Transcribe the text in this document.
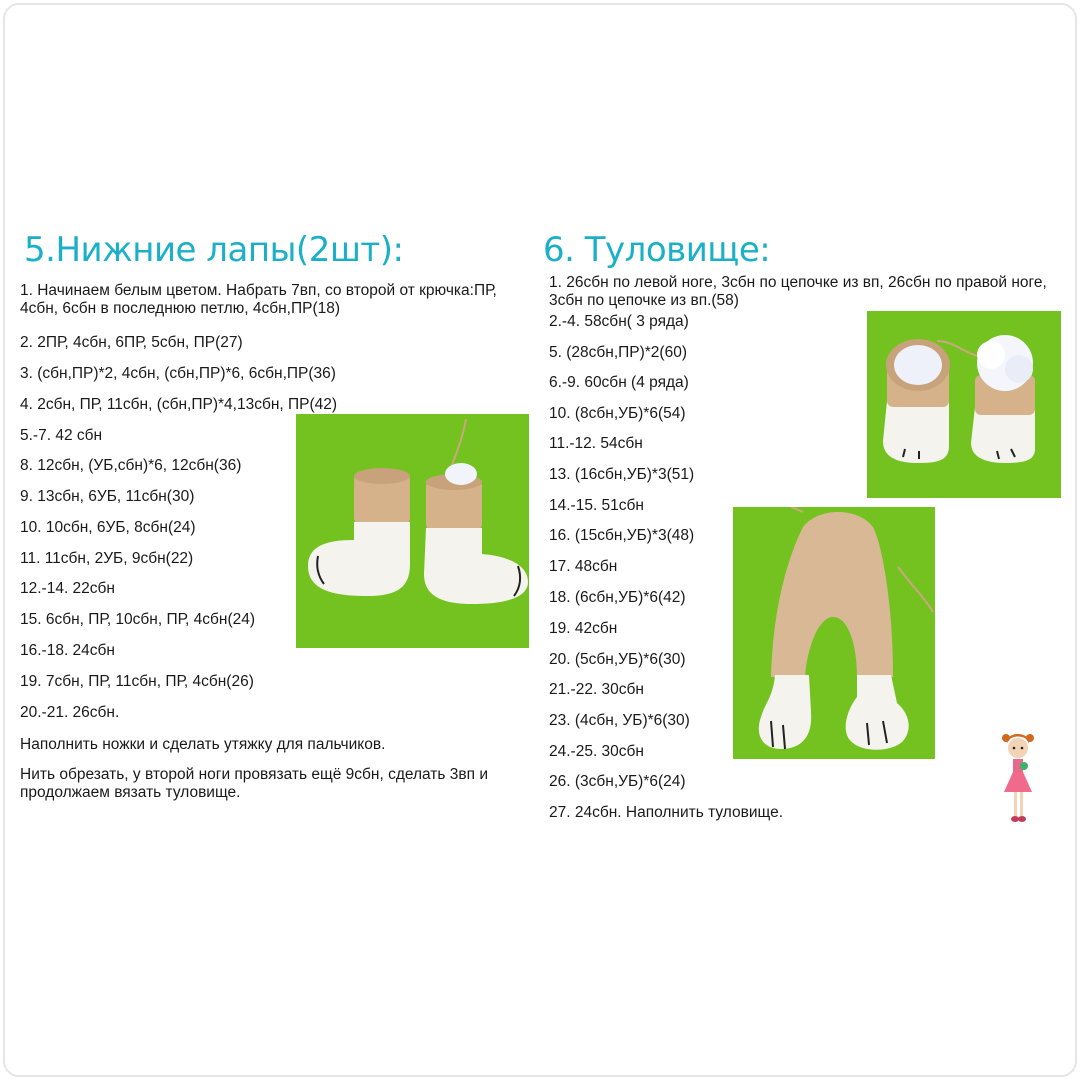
5.Нижние лапы(2шт):
1. Начинаем белым цветом. Набрать 7вп, со второй от крючка:ПР, 4сбн, 6сбн в последнюю петлю, 4сбн,ПР(18)
2. 2ПР, 4сбн, 6ПР, 5сбн, ПР(27)
3. (сбн,ПР)*2, 4сбн, (сбн,ПР)*6, 6сбн,ПР(36)
4. 2сбн, ПР, 11сбн, (сбн,ПР)*4,13сбн, ПР(42)
5.-7. 42 сбн
8. 12сбн, (УБ,сбн)*6, 12сбн(36)
9. 13сбн, 6УБ, 11сбн(30)
10. 10сбн, 6УБ, 8сбн(24)
11. 11сбн, 2УБ, 9сбн(22)
12.-14. 22сбн
15. 6сбн, ПР, 10сбн, ПР, 4сбн(24)
16.-18. 24сбн
19. 7сбн, ПР, 11сбн, ПР, 4сбн(26)
20.-21. 26сбн.
Наполнить ножки и сделать утяжку для пальчиков.
Нить обрезать, у второй ноги провязать ещё 9сбн, сделать 3вп и продолжаем вязать туловище.
6. Туловище:
1. 26сбн по левой ноге, 3сбн по цепочке из вп, 26сбн по правой ноге, 3сбн по цепочке из вп.(58)
2.-4. 58сбн( 3 ряда)
5. (28сбн,ПР)*2(60)
6.-9. 60сбн (4 ряда)
10. (8сбн,УБ)*6(54)
11.-12. 54сбн
13. (16сбн,УБ)*3(51)
14.-15. 51сбн
16. (15сбн,УБ)*3(48)
17. 48сбн
18. (6сбн,УБ)*6(42)
19. 42сбн
20. (5сбн,УБ)*6(30)
21.-22. 30сбн
23. (4сбн, УБ)*6(30)
24.-25. 30сбн
26. (3сбн,УБ)*6(24)
27. 24сбн. Наполнить туловище.
